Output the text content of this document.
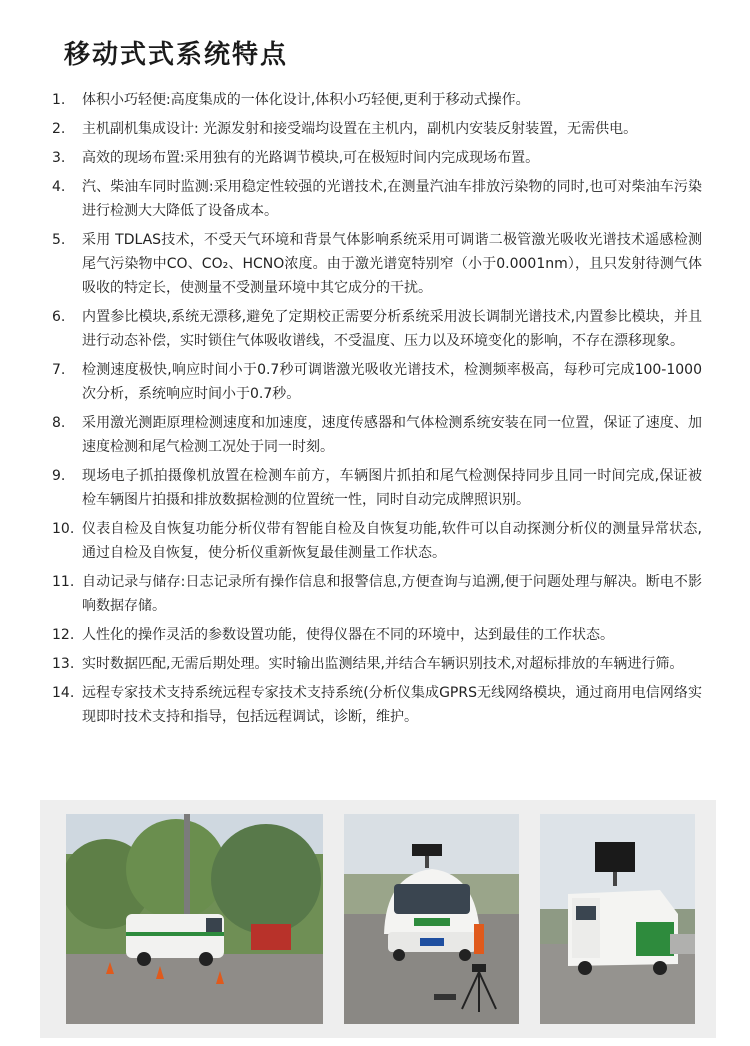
移动式式系统特点
1.	体积小巧轻便:高度集成的一体化设计,体积小巧轻便,更利于移动式操作。
2.	主机副机集成设计: 光源发射和接受端均设置在主机内，副机内安装反射装置，无需供电。
3.	高效的现场布置:采用独有的光路调节模块,可在极短时间内完成现场布置。
4.	汽、柴油车同时监测:采用稳定性较强的光谱技术,在测量汽油车排放污染物的同时,也可对柴油车污染进行检测大大降低了设备成本。
5.	采用 TDLAS技术，不受天气环境和背景气体影响系统采用可调谐二极管激光吸收光谱技术遥感检测尾气污染物中CO、CO₂、HCNO浓度。由于激光谱宽特别窄（小于0.0001nm），且只发射待测气体吸收的特定长，使测量不受测量环境中其它成分的干扰。
6.	内置参比模块,系统无漂移,避免了定期校正需要分析系统采用波长调制光谱技术,内置参比模块，并且进行动态补偿，实时锁住气体吸收谱线，不受温度、压力以及环境变化的影响，不存在漂移现象。
7.	检测速度极快,响应时间小于0.7秒可调谐激光吸收光谱技术，检测频率极高，每秒可完成100-1000次分析，系统响应时间小于0.7秒。
8.	采用激光测距原理检测速度和加速度，速度传感器和气体检测系统安装在同一位置，保证了速度、加速度检测和尾气检测工况处于同一时刻。
9.	现场电子抓拍摄像机放置在检测车前方，车辆图片抓拍和尾气检测保持同步且同一时间完成,保证被检车辆图片拍摄和排放数据检测的位置统一性，同时自动完成牌照识别。
10. 仪表自检及自恢复功能分析仪带有智能自检及自恢复功能,软件可以自动探测分析仪的测量异常状态,通过自检及自恢复，使分析仪重新恢复最佳测量工作状态。
11. 自动记录与储存:日志记录所有操作信息和报警信息,方便查询与追溯,便于问题处理与解决。断电不影响数据存储。
12. 人性化的操作灵活的参数设置功能，使得仪器在不同的环境中，达到最佳的工作状态。
13. 实时数据匹配,无需后期处理。实时输出监测结果,并结合车辆识别技术,对超标排放的车辆进行筛。
14. 远程专家技术支持系统远程专家技术支持系统(分析仪集成GPRS无线网络模块，通过商用电信网络实现即时技术支持和指导，包括远程调试，诊断，维护。
